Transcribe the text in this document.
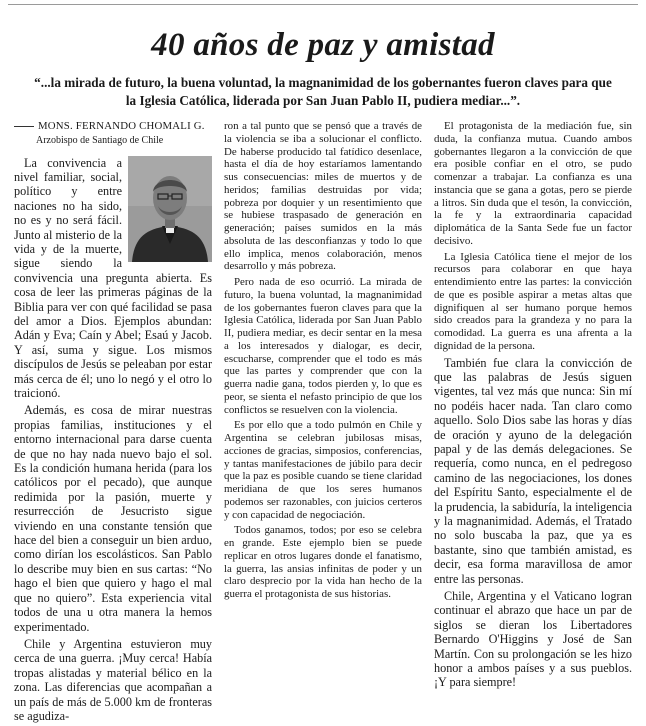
40 años de paz y amistad
“...la mirada de futuro, la buena voluntad, la magnanimidad de los gobernantes fueron claves para que la Iglesia Católica, liderada por San Juan Pablo II, pudiera mediar...”.
MONS. FERNANDO CHOMALI G.
Arzobispo de Santiago de Chile

La convivencia a nivel familiar, social, político y entre naciones no ha sido, no es y no será fácil. Junto al misterio de la vida y de la muerte, sigue siendo la convivencia una pregunta abierta. Es cosa de leer las primeras páginas de la Biblia para ver con qué facilidad se pasa del amor a Dios. Ejemplos abundan: Adán y Eva; Caín y Abel; Esaú y Jacob. Y así, suma y sigue. Los mismos discípulos de Jesús se peleaban por estar más cerca de él; uno lo negó y el otro lo traicionó.

Además, es cosa de mirar nuestras propias familias, instituciones y el entorno internacional para darse cuenta de que no hay nada nuevo bajo el sol. Es la condición humana herida (para los católicos por el pecado), que aunque redimida por la pasión, muerte y resurrección de Jesucristo sigue viviendo en una constante tensión que hace del bien a conseguir un bien arduo, como dirían los escolásticos. San Pablo lo describe muy bien en sus cartas: “No hago el bien que quiero y hago el mal que no quiero”. Esta experiencia vital todos de una u otra manera la hemos experimentado.

Chile y Argentina estuvieron muy cerca de una guerra. ¡Muy cerca! Había tropas alistadas y material bélico en la zona. Las diferencias que acompañan a un país de más de 5.000 km de fronteras se agudiza-

ron a tal punto que se pensó que a través de la violencia se iba a solucionar el conflicto. De haberse producido tal fatídico desenlace, hasta el día de hoy estaríamos lamentando sus consecuencias: miles de muertos y de heridos; familias destruidas por vida; pobreza por doquier y un resentimiento que se hubiese traspasado de generación en generación; países sumidos en la más absoluta de las desconfianzas y todo lo que ello implica, menos colaboración, menos desarrollo y más pobreza.

Pero nada de eso ocurrió. La mirada de futuro, la buena voluntad, la magnanimidad de los gobernantes fueron claves para que la Iglesia Católica, liderada por San Juan Pablo II, pudiera mediar, es decir sentar en la mesa a los interesados y dialogar, es decir, escucharse, comprender que el todo es más que las partes y comprender que con la guerra nadie gana, todos pierden y, lo que es peor, se sienta el nefasto principio de que los conflictos se resuelven con la violencia.

Es por ello que a todo pulmón en Chile y Argentina se celebran jubilosas misas, acciones de gracias, simposios, conferencias, y tantas manifestaciones de júbilo para decir que la paz es posible cuando se tiene claridad meridiana de que los seres humanos podemos ser razonables, con juicios certeros y con capacidad de negociación.

Todos ganamos, todos; por eso se celebra en grande. Este ejemplo bien se puede replicar en otros lugares donde el fanatismo, la guerra, las ansias infinitas de poder y un claro desprecio por la vida han hecho de la guerra el protagonista de sus historias.

El protagonista de la mediación fue, sin duda, la confianza mutua. Cuando ambos gobernantes llegaron a la convicción de que era posible confiar en el otro, se pudo comenzar a trabajar. La confianza es una instancia que se gana a gotas, pero se pierde a litros. Sin duda que el tesón, la convicción, la fe y la extraordinaria capacidad diplomática de la Santa Sede fue un factor decisivo.

La Iglesia Católica tiene el mejor de los recursos para colaborar en que haya entendimiento entre las partes: la convicción de que es posible aspirar a metas altas que dignifiquen al ser humano porque hemos sido creados para la grandeza y no para la comodidad. La guerra es una afrenta a la dignidad de la persona.

También fue clara la convicción de que las palabras de Jesús siguen vigentes, tal vez más que nunca: Sin mí no podéis hacer nada. Tan claro como aquello. Solo Dios sabe las horas y días de oración y ayuno de la delegación papal y de las demás delegaciones. Se requería, como nunca, en el pedregoso camino de las negociaciones, los dones del Espíritu Santo, especialmente el de la prudencia, la sabiduría, la inteligencia y la magnanimidad. Además, el Tratado no solo buscaba la paz, que ya es bastante, sino que también amistad, es decir, esa forma maravillosa de amor entre las personas.

Chile, Argentina y el Vaticano logran continuar el abrazo que hace un par de siglos se dieran los Libertadores Bernardo O'Higgins y José de San Martín. Con su prolongación se les hizo honor a ambos países y a sus pueblos. ¡Y para siempre!
